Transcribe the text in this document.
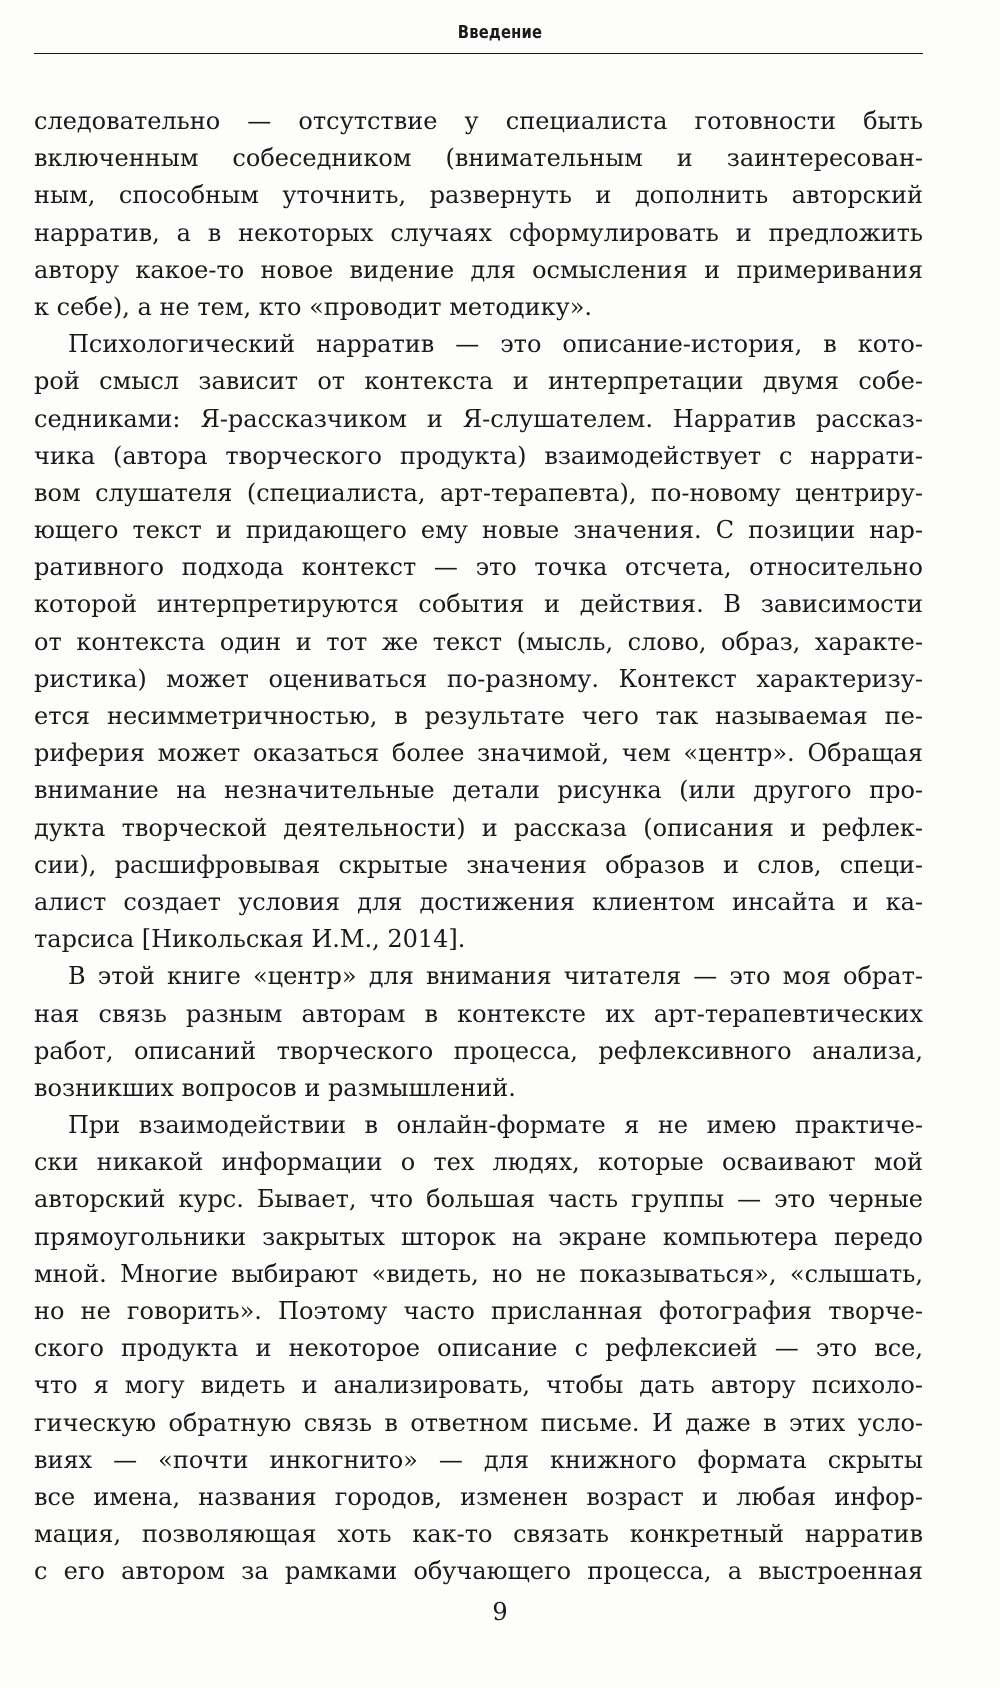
Введение
следовательно — отсутствие у специалиста готовности быть
включенным собеседником (внимательным и заинтересован-
ным, способным уточнить, развернуть и дополнить авторский
нарратив, а в некоторых случаях сформулировать и предложить
автору какое-то новое видение для осмысления и примеривания
к себе), а не тем, кто «проводит методику».
Психологический нарратив — это описание-история, в кото-
рой смысл зависит от контекста и интерпретации двумя собе-
седниками: Я-рассказчиком и Я-слушателем. Нарратив рассказ-
чика (автора творческого продукта) взаимодействует с наррати-
вом слушателя (специалиста, арт-терапевта), по-новому центриру-
ющего текст и придающего ему новые значения. С позиции нар-
ративного подхода контекст — это точка отсчета, относительно
которой интерпретируются события и действия. В зависимости
от контекста один и тот же текст (мысль, слово, образ, характе-
ристика) может оцениваться по-разному. Контекст характеризу-
ется несимметричностью, в результате чего так называемая пе-
риферия может оказаться более значимой, чем «центр». Обращая
внимание на незначительные детали рисунка (или другого про-
дукта творческой деятельности) и рассказа (описания и рефлек-
сии), расшифровывая скрытые значения образов и слов, специ-
алист создает условия для достижения клиентом инсайта и ка-
тарсиса [Никольская И.М., 2014].
В этой книге «центр» для внимания читателя — это моя обрат-
ная связь разным авторам в контексте их арт-терапевтических
работ, описаний творческого процесса, рефлексивного анализа,
возникших вопросов и размышлений.
При взаимодействии в онлайн-формате я не имею практиче-
ски никакой информации о тех людях, которые осваивают мой
авторский курс. Бывает, что большая часть группы — это черные
прямоугольники закрытых шторок на экране компьютера передо
мной. Многие выбирают «видеть, но не показываться», «слышать,
но не говорить». Поэтому часто присланная фотография творче-
ского продукта и некоторое описание с рефлексией — это все,
что я могу видеть и анализировать, чтобы дать автору психоло-
гическую обратную связь в ответном письме. И даже в этих усло-
виях — «почти инкогнито» — для книжного формата скрыты
все имена, названия городов, изменен возраст и любая инфор-
мация, позволяющая хоть как-то связать конкретный нарратив
с его автором за рамками обучающего процесса, а выстроенная
9
